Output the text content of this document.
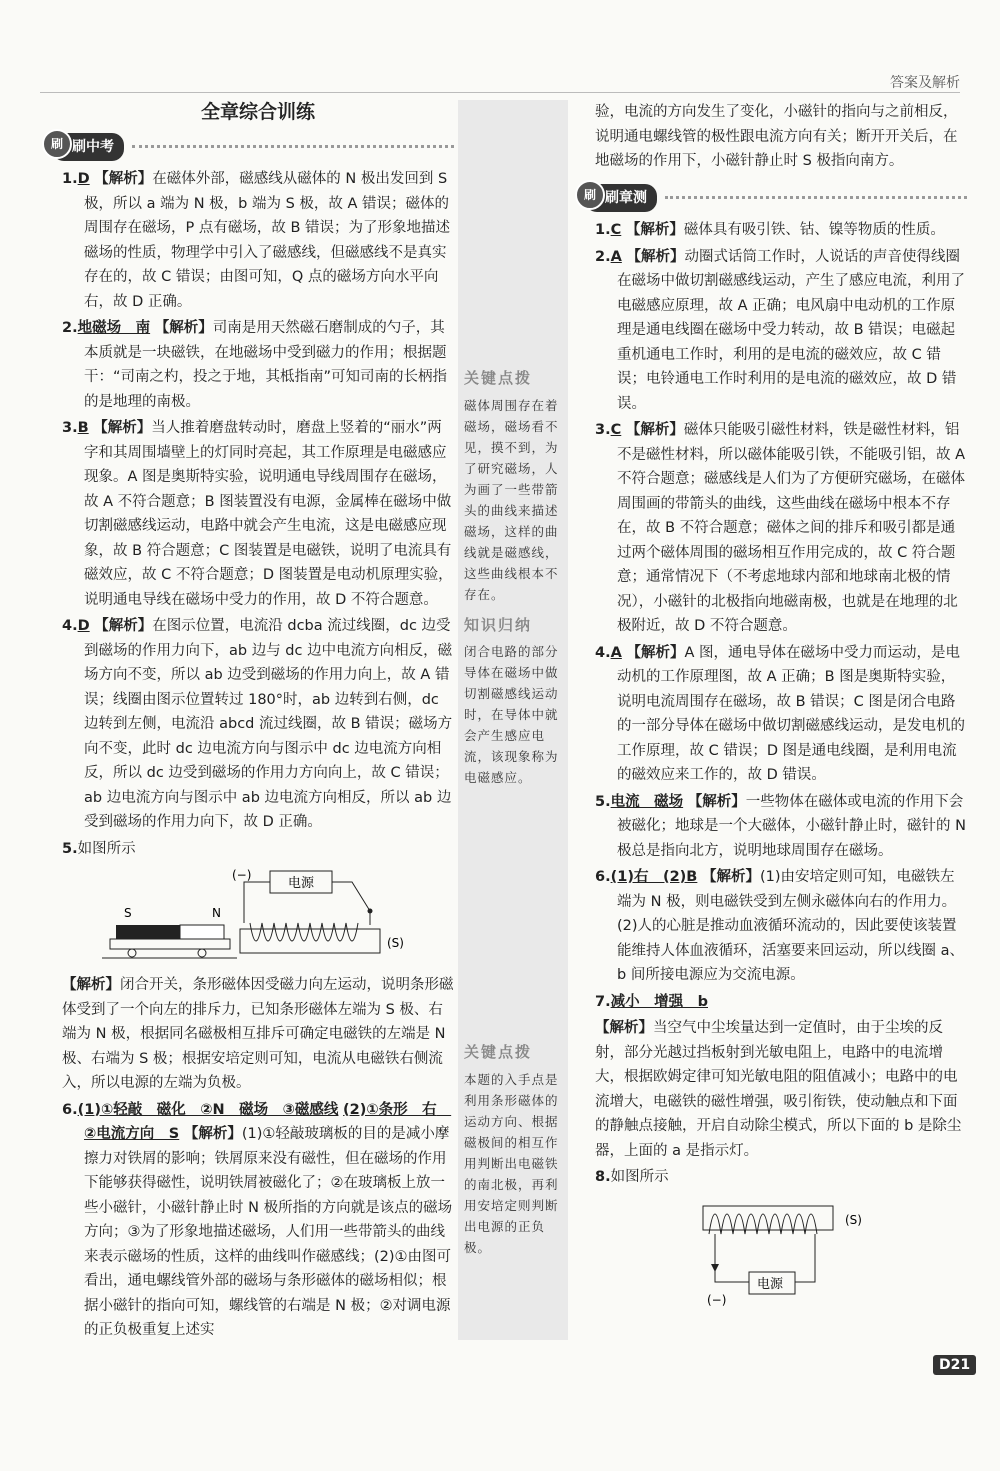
答案及解析
全章综合训练
刷 刷中考
1.D 【解析】在磁体外部，磁感线从磁体的 N 极出发回到 S 极，所以 a 端为 N 极，b 端为 S 极，故 A 错误；磁体的周围存在磁场，P 点有磁场，故 B 错误；为了形象地描述磁场的性质，物理学中引入了磁感线，但磁感线不是真实存在的，故 C 错误；由图可知，Q 点的磁场方向水平向右，故 D 正确。
2.地磁场　南 【解析】司南是用天然磁石磨制成的勺子，其本质就是一块磁铁，在地磁场中受到磁力的作用；根据题干：“司南之杓，投之于地，其柢指南”可知司南的长柄指的是地理的南极。
3.B 【解析】当人推着磨盘转动时，磨盘上竖着的“丽水”两字和其周围墙壁上的灯同时亮起，其工作原理是电磁感应现象。A 图是奥斯特实验，说明通电导线周围存在磁场，故 A 不符合题意；B 图装置没有电源，金属棒在磁场中做切割磁感线运动，电路中就会产生电流，这是电磁感应现象，故 B 符合题意；C 图装置是电磁铁，说明了电流具有磁效应，故 C 不符合题意；D 图装置是电动机原理实验，说明通电导线在磁场中受力的作用，故 D 不符合题意。
4.D 【解析】在图示位置，电流沿 dcba 流过线圈，dc 边受到磁场的作用力向下，ab 边与 dc 边中电流方向相反，磁场方向不变，所以 ab 边受到磁场的作用力向上，故 A 错误；线圈由图示位置转过 180°时，ab 边转到右侧，dc 边转到左侧，电流沿 abcd 流过线圈，故 B 错误；磁场方向不变，此时 dc 边电流方向与图示中 dc 边电流方向相反，所以 dc 边受到磁场的作用力方向向上，故 C 错误；ab 边电流方向与图示中 ab 边电流方向相反，所以 ab 边受到磁场的作用力向下，故 D 正确。
5.如图所示
(−)
电源
(S)
S	N
【解析】闭合开关，条形磁体因受磁力向左运动，说明条形磁体受到了一个向左的排斥力，已知条形磁体左端为 S 极、右端为 N 极，根据同名磁极相互排斥可确定电磁铁的左端是 N 极、右端为 S 极；根据安培定则可知，电流从电磁铁右侧流入，所以电源的左端为负极。
6.(1)①轻敲　磁化　②N　磁场　③磁感线 (2)①条形　右　②电流方向　S 【解析】(1)①轻敲玻璃板的目的是减小摩擦力对铁屑的影响；铁屑原来没有磁性，但在磁场的作用下能够获得磁性，说明铁屑被磁化了；②在玻璃板上放一些小磁针，小磁针静止时 N 极所指的方向就是该点的磁场方向；③为了形象地描述磁场，人们用一些带箭头的曲线来表示磁场的性质，这样的曲线叫作磁感线；(2)①由图可看出，通电螺线管外部的磁场与条形磁体的磁场相似；根据小磁针的指向可知，螺线管的右端是 N 极；②对调电源的正负极重复上述实
关键点拨
磁体周围存在着磁场，磁场看不见，摸不到，为了研究磁场，人为画了一些带箭头的曲线来描述磁场，这样的曲线就是磁感线，这些曲线根本不存在。
知识归纳
闭合电路的部分导体在磁场中做切割磁感线运动时，在导体中就会产生感应电流，该现象称为电磁感应。
关键点拨
本题的入手点是利用条形磁体的运动方向、根据磁极间的相互作用判断出电磁铁的南北极，再利用安培定则判断出电源的正负极。
验，电流的方向发生了变化，小磁针的指向与之前相反，说明通电螺线管的极性跟电流方向有关；断开开关后，在地磁场的作用下，小磁针静止时 S 极指向南方。
刷 刷章测
1.C 【解析】磁体具有吸引铁、钴、镍等物质的性质。
2.A 【解析】动圈式话筒工作时，人说话的声音使得线圈在磁场中做切割磁感线运动，产生了感应电流，利用了电磁感应原理，故 A 正确；电风扇中电动机的工作原理是通电线圈在磁场中受力转动，故 B 错误；电磁起重机通电工作时，利用的是电流的磁效应，故 C 错误；电铃通电工作时利用的是电流的磁效应，故 D 错误。
3.C 【解析】磁体只能吸引磁性材料，铁是磁性材料，铝不是磁性材料，所以磁体能吸引铁，不能吸引铝，故 A 不符合题意；磁感线是人们为了方便研究磁场，在磁体周围画的带箭头的曲线，这些曲线在磁场中根本不存在，故 B 不符合题意；磁体之间的排斥和吸引都是通过两个磁体周围的磁场相互作用完成的，故 C 符合题意；通常情况下（不考虑地球内部和地球南北极的情况），小磁针的北极指向地磁南极，也就是在地理的北极附近，故 D 不符合题意。
4.A 【解析】A 图，通电导体在磁场中受力而运动，是电动机的工作原理图，故 A 正确；B 图是奥斯特实验，说明电流周围存在磁场，故 B 错误；C 图是闭合电路的一部分导体在磁场中做切割磁感线运动，是发电机的工作原理，故 C 错误；D 图是通电线圈，是利用电流的磁效应来工作的，故 D 错误。
5.电流　磁场 【解析】一些物体在磁体或电流的作用下会被磁化；地球是一个大磁体，小磁针静止时，磁针的 N 极总是指向北方，说明地球周围存在磁场。
6.(1)右　(2)B 【解析】(1)由安培定则可知，电磁铁左端为 N 极，则电磁铁受到左侧永磁体向右的作用力。(2)人的心脏是推动血液循环流动的，因此要使该装置能维持人体血液循环，活塞要来回运动，所以线圈 a、b 间所接电源应为交流电源。
7.减小　增强　b
【解析】当空气中尘埃量达到一定值时，由于尘埃的反射，部分光越过挡板射到光敏电阻上，电路中的电流增大，根据欧姆定律可知光敏电阻的阻值减小；电路中的电流增大，电磁铁的磁性增强，吸引衔铁，使动触点和下面的静触点接触，开启自动除尘模式，所以下面的 b 是除尘器，上面的 a 是指示灯。
8.如图所示
(S)
电源
(−)
D21
